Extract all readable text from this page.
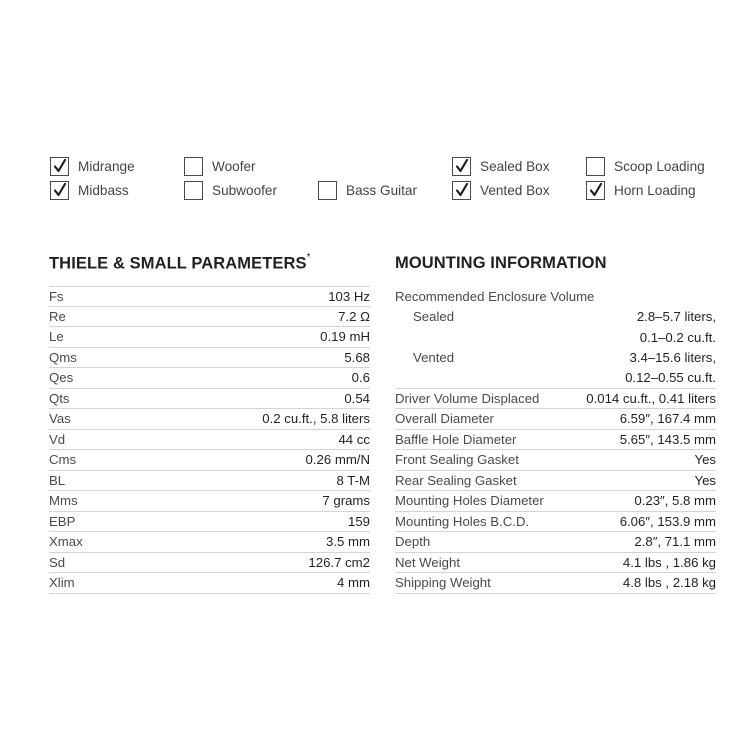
Midrange
Midbass
Woofer
Subwoofer	Bass Guitar
Sealed Box
Vented Box
Scoop Loading
Horn Loading
THIELE & SMALL PARAMETERS*
Fs	103 Hz
Re	7.2 Ω
Le	0.19 mH
Qms	5.68
Qes	0.6
Qts	0.54
Vas	0.2 cu.ft., 5.8 liters
Vd	44 cc
Cms	0.26 mm/N
BL	8 T-M
Mms	7 grams
EBP	159
Xmax	3.5 mm
Sd	126.7 cm2
Xlim	4 mm
MOUNTING INFORMATION
Recommended Enclosure Volume
Sealed	2.8–5.7 liters,
0.1–0.2 cu.ft.
Vented	3.4–15.6 liters,
0.12–0.55 cu.ft.
Driver Volume Displaced	0.014 cu.ft., 0.41 liters
Overall Diameter	6.59″, 167.4 mm
Baffle Hole Diameter	5.65″, 143.5 mm
Front Sealing Gasket	Yes
Rear Sealing Gasket	Yes
Mounting Holes Diameter	0.23″, 5.8 mm
Mounting Holes B.C.D.	6.06″, 153.9 mm
Depth	2.8″, 71.1 mm
Net Weight	4.1 lbs , 1.86 kg
Shipping Weight	4.8 lbs , 2.18 kg
